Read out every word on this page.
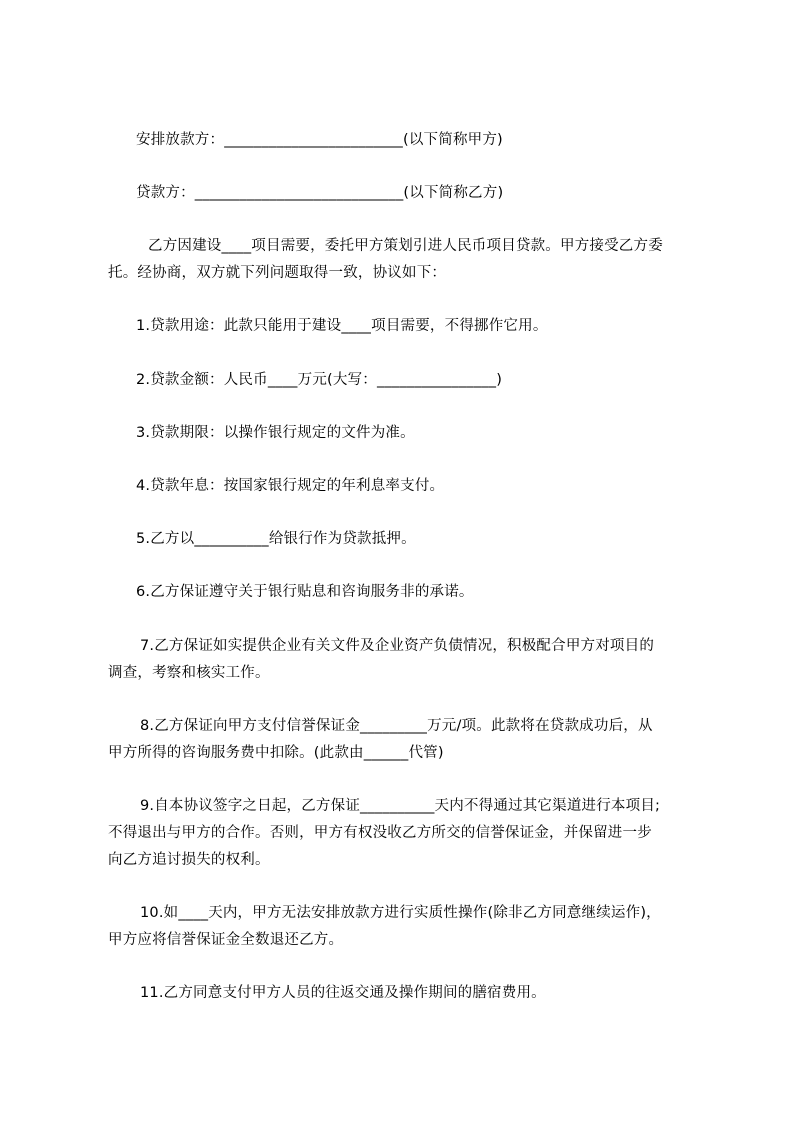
安排放款方：________________________(以下简称甲方)
贷款方：____________________________(以下简称乙方)
乙方因建设____项目需要，委托甲方策划引进人民币项目贷款。甲方接受乙方委
托。经协商，双方就下列问题取得一致，协议如下：
1.贷款用途：此款只能用于建设____项目需要，不得挪作它用。
2.贷款金额：人民币____万元(大写：________________)
3.贷款期限：以操作银行规定的文件为准。
4.贷款年息：按国家银行规定的年利息率支付。
5.乙方以__________给银行作为贷款抵押。
6.乙方保证遵守关于银行贴息和咨询服务非的承诺。
7.乙方保证如实提供企业有关文件及企业资产负债情况，积极配合甲方对项目的
调查，考察和核实工作。
8.乙方保证向甲方支付信誉保证金_________万元/项。此款将在贷款成功后，从
甲方所得的咨询服务费中扣除。(此款由______代管)
9.自本协议签字之日起，乙方保证__________天内不得通过其它渠道进行本项目;
不得退出与甲方的合作。否则，甲方有权没收乙方所交的信誉保证金，并保留进一步
向乙方追讨损失的权利。
10.如____天内，甲方无法安排放款方进行实质性操作(除非乙方同意继续运作)，
甲方应将信誉保证金全数退还乙方。
11.乙方同意支付甲方人员的往返交通及操作期间的膳宿费用。
